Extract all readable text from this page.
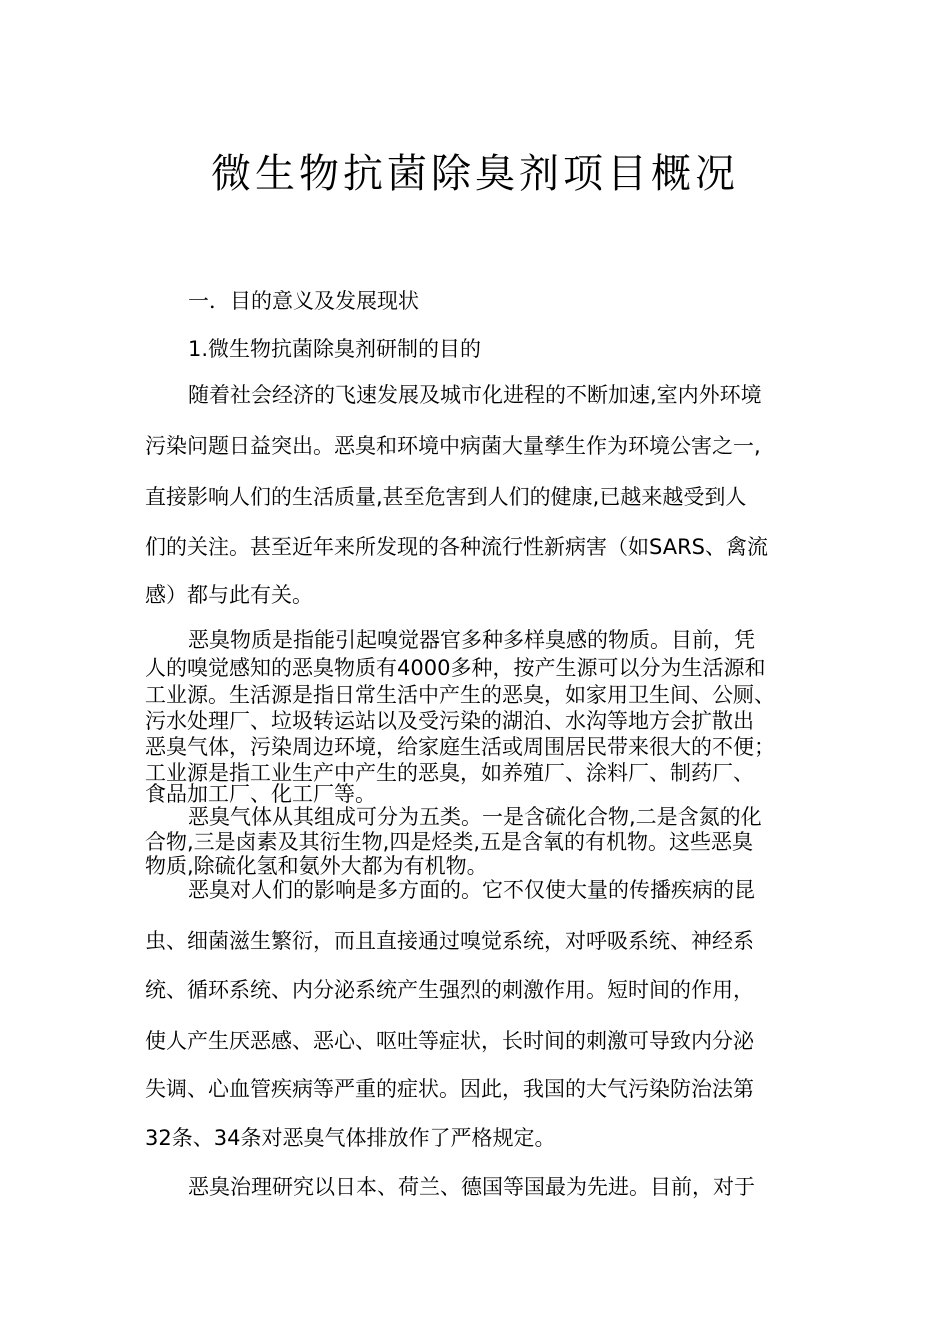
微生物抗菌除臭剂项目概况
一．目的意义及发展现状
1.微生物抗菌除臭剂研制的目的
随着社会经济的飞速发展及城市化进程的不断加速,室内外环境
污染问题日益突出。恶臭和环境中病菌大量孳生作为环境公害之一,
直接影响人们的生活质量,甚至危害到人们的健康,已越来越受到人
们的关注。甚至近年来所发现的各种流行性新病害（如SARS、禽流
感）都与此有关。
恶臭物质是指能引起嗅觉器官多种多样臭感的物质。目前，凭
人的嗅觉感知的恶臭物质有4000多种，按产生源可以分为生活源和
工业源。生活源是指日常生活中产生的恶臭，如家用卫生间、公厕、
污水处理厂、垃圾转运站以及受污染的湖泊、水沟等地方会扩散出
恶臭气体，污染周边环境，给家庭生活或周围居民带来很大的不便；
工业源是指工业生产中产生的恶臭，如养殖厂、涂料厂、制药厂、
食品加工厂、化工厂等。
恶臭气体从其组成可分为五类。一是含硫化合物,二是含氮的化
合物,三是卤素及其衍生物,四是烃类,五是含氧的有机物。这些恶臭
物质,除硫化氢和氨外大都为有机物。
恶臭对人们的影响是多方面的。它不仅使大量的传播疾病的昆
虫、细菌滋生繁衍，而且直接通过嗅觉系统，对呼吸系统、神经系
统、循环系统、内分泌系统产生强烈的刺激作用。短时间的作用，
使人产生厌恶感、恶心、呕吐等症状，长时间的刺激可导致内分泌
失调、心血管疾病等严重的症状。因此，我国的大气污染防治法第
32条、34条对恶臭气体排放作了严格规定。
恶臭治理研究以日本、荷兰、德国等国最为先进。目前，对于
